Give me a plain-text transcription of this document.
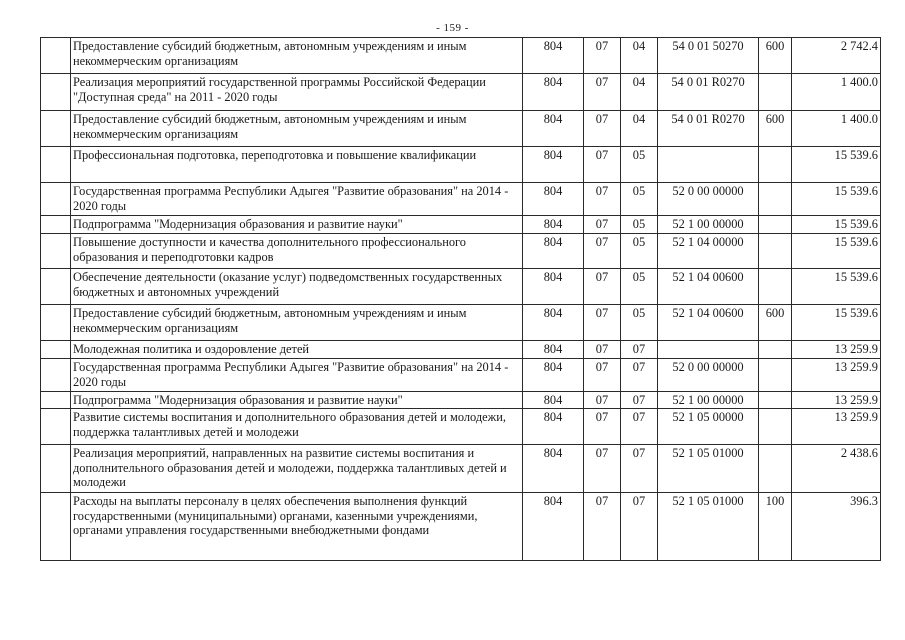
- 159 -
	Предоставление субсидий бюджетным, автономным учреждениям и иным некоммерческим организациям	804	07	04	54 0 01 50270	600	2 742.4
	Реализация мероприятий государственной программы Российской Федерации "Доступная среда" на 2011 - 2020 годы	804	07	04	54 0 01 R0270		1 400.0
	Предоставление субсидий бюджетным, автономным учреждениям и иным некоммерческим организациям	804	07	04	54 0 01 R0270	600	1 400.0
	Профессиональная подготовка, переподготовка и повышение квалификации	804	07	05			15 539.6
	Государственная программа Республики Адыгея "Развитие образования" на 2014 - 2020 годы	804	07	05	52 0 00 00000		15 539.6
	Подпрограмма "Модернизация образования и развитие науки"	804	07	05	52 1 00 00000		15 539.6
	Повышение доступности и качества дополнительного профессионального образования и переподготовки кадров	804	07	05	52 1 04 00000		15 539.6
	Обеспечение деятельности (оказание услуг) подведомственных государственных бюджетных и автономных учреждений	804	07	05	52 1 04 00600		15 539.6
	Предоставление субсидий бюджетным, автономным учреждениям и иным некоммерческим организациям	804	07	05	52 1 04 00600	600	15 539.6
	Молодежная политика и оздоровление детей	804	07	07			13 259.9
	Государственная программа Республики Адыгея "Развитие образования" на 2014 - 2020 годы	804	07	07	52 0 00 00000		13 259.9
	Подпрограмма "Модернизация образования и развитие науки"	804	07	07	52 1 00 00000		13 259.9
	Развитие системы воспитания и дополнительного образования детей и молодежи, поддержка талантливых детей и молодежи	804	07	07	52 1 05 00000		13 259.9
	Реализация мероприятий, направленных на развитие системы воспитания и дополнительного образования детей и молодежи, поддержка талантливых детей и молодежи	804	07	07	52 1 05 01000		2 438.6
	Расходы на выплаты персоналу в целях обеспечения выполнения функций государственными (муниципальными) органами, казенными учреждениями, органами управления государственными внебюджетными фондами	804	07	07	52 1 05 01000	100	396.3
